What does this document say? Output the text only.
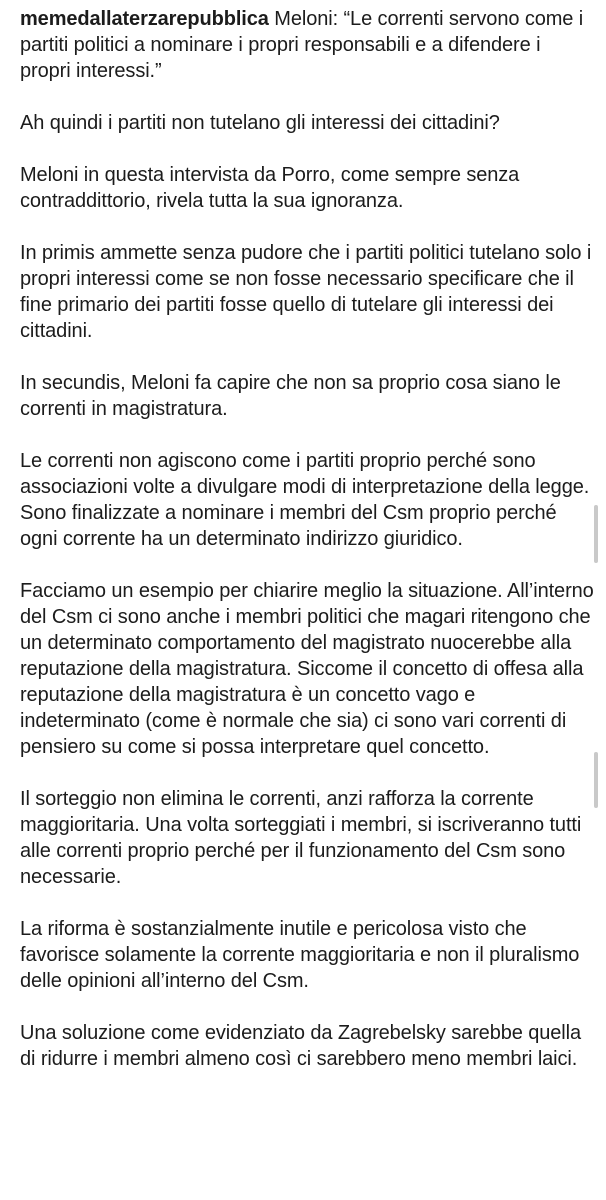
memedallaterzarepubblica Meloni: “Le correnti servono come i partiti politici a nominare i propri responsabili e a difendere i propri interessi.”

Ah quindi i partiti non tutelano gli interessi dei cittadini?

Meloni in questa intervista da Porro, come sempre senza contraddittorio, rivela tutta la sua ignoranza.

In primis ammette senza pudore che i partiti politici tutelano solo i propri interessi come se non fosse necessario specificare che il fine primario dei partiti fosse quello di tutelare gli interessi dei cittadini.

In secundis, Meloni fa capire che non sa proprio cosa siano le correnti in magistratura.

Le correnti non agiscono come i partiti proprio perché sono associazioni volte a divulgare modi di interpretazione della legge. Sono finalizzate a nominare i membri del Csm proprio perché ogni corrente ha un determinato indirizzo giuridico.

Facciamo un esempio per chiarire meglio la situazione. All’interno del Csm ci sono anche i membri politici che magari ritengono che un determinato comportamento del magistrato nuocerebbe alla reputazione della magistratura. Siccome il concetto di offesa alla reputazione della magistratura è un concetto vago e indeterminato (come è normale che sia) ci sono vari correnti di pensiero su come si possa interpretare quel concetto.

Il sorteggio non elimina le correnti, anzi rafforza la corrente maggioritaria. Una volta sorteggiati i membri, si iscriveranno tutti alle correnti proprio perché per il funzionamento del Csm sono necessarie.

La riforma è sostanzialmente inutile e pericolosa visto che favorisce solamente la corrente maggioritaria e non il pluralismo delle opinioni all’interno del Csm.

Una soluzione come evidenziato da Zagrebelsky sarebbe quella di ridurre i membri almeno così ci sarebbero meno membri laici.
